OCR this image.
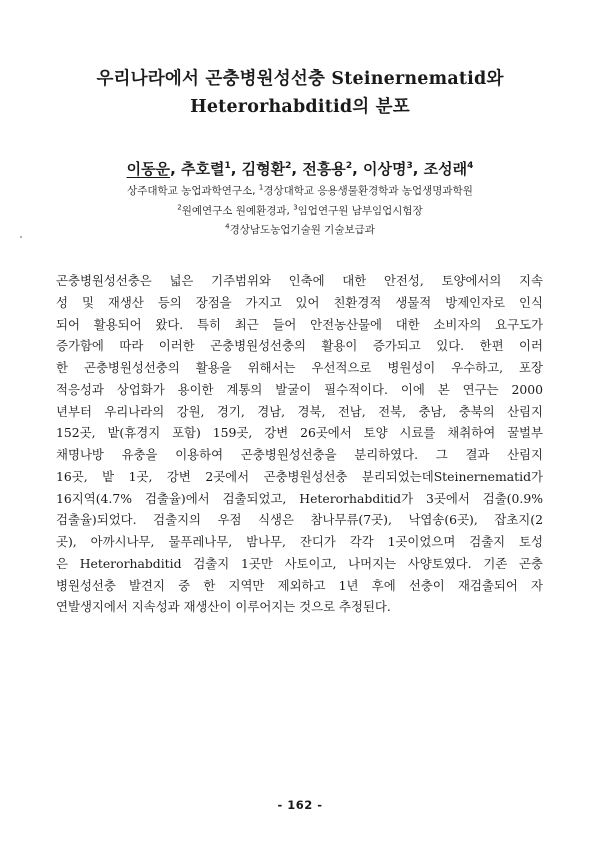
우리나라에서 곤충병원성선충 Steinernematid와
Heterorhabditid의 분포
이동운, 추호렬$^1$, 김형환$^2$, 전흥용$^2$, 이상명$^3$, 조성래$^4$
상주대학교 농업과학연구소, $^1$경상대학교 응용생물환경학과 농업생명과학원
$^2$원예연구소 원예환경과, $^3$임업연구원 남부임업시험장
$^4$경상남도농업기술원 기술보급과
곤충병원성선충은 넓은 기주범위와 인축에 대한 안전성, 토양에서의 지속
성 및 재생산 등의 장점을 가지고 있어 친환경적 생물적 방제인자로 인식
되어 활용되어 왔다. 특히 최근 들어 안전농산물에 대한 소비자의 요구도가
증가함에 따라 이러한 곤충병원성선충의 활용이 증가되고 있다. 한편 이러
한 곤충병원성선충의 활용을 위해서는 우선적으로 병원성이 우수하고, 포장
적응성과 상업화가 용이한 계통의 발굴이 필수적이다. 이에 본 연구는 2000
년부터 우리나라의 강원, 경기, 경남, 경북, 전남, 전북, 충남, 충북의 산림지
152곳, 밭(휴경지 포함) 159곳, 강변 26곳에서 토양 시료를 채취하여 꿀벌부
채명나방 유충을 이용하여 곤충병원성선충을 분리하였다. 그 결과 산림지
16곳, 밭 1곳, 강변 2곳에서 곤충병원성선충 분리되었는데Steinernematid가
16지역(4.7% 검출율)에서 검출되었고, Heterorhabditid가 3곳에서 검출(0.9%
검출율)되었다. 검출지의 우점 식생은 참나무류(7곳), 낙엽송(6곳), 잡초지(2
곳), 아까시나무, 물푸레나무, 밤나무, 잔디가 각각 1곳이었으며 검출지 토성
은 Heterorhabditid 검출지 1곳만 사토이고, 나머지는 사양토였다. 기존 곤충
병원성선충 발견지 중 한 지역만 제외하고 1년 후에 선충이 재검출되어 자
연발생지에서 지속성과 재생산이 이루어지는 것으로 추정된다.
- 162 -
